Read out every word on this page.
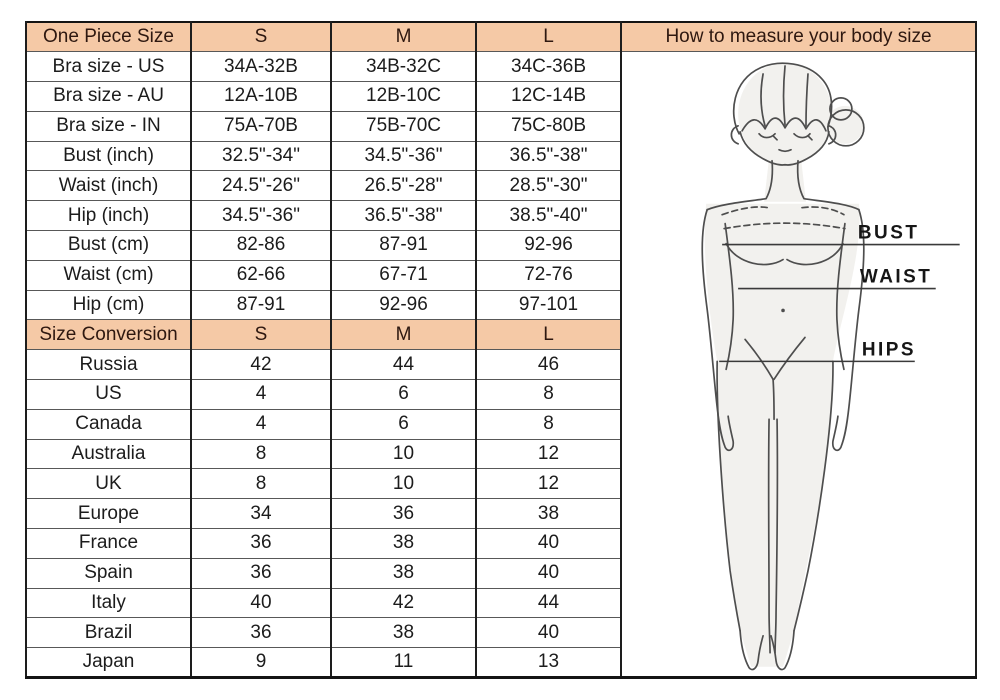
One Piece Size	S	M	L	How to measure your body size
Bra size - US	34A-32B	34B-32C	34C-36B	BUST
WAIST
HIPS

Bra size - AU	12A-10B	12B-10C	12C-14B	
Bra size - IN	75A-70B	75B-70C	75C-80B	
Bust (inch)	32.5"-34"	34.5"-36"	36.5"-38"	
Waist (inch)	24.5"-26"	26.5"-28"	28.5"-30"	
Hip (inch)	34.5"-36"	36.5"-38"	38.5"-40"	
Bust (cm)	82-86	87-91	92-96	
Waist (cm)	62-66	67-71	72-76	
Hip (cm)	87-91	92-96	97-101	
Size Conversion	S	M	L	
Russia	42	44	46	
US	4	6	8	
Canada	4	6	8	
Australia	8	10	12	
UK	8	10	12	
Europe	34	36	38	
France	36	38	40	
Spain	36	38	40	
Italy	40	42	44	
Brazil	36	38	40	
Japan	9	11	13	
